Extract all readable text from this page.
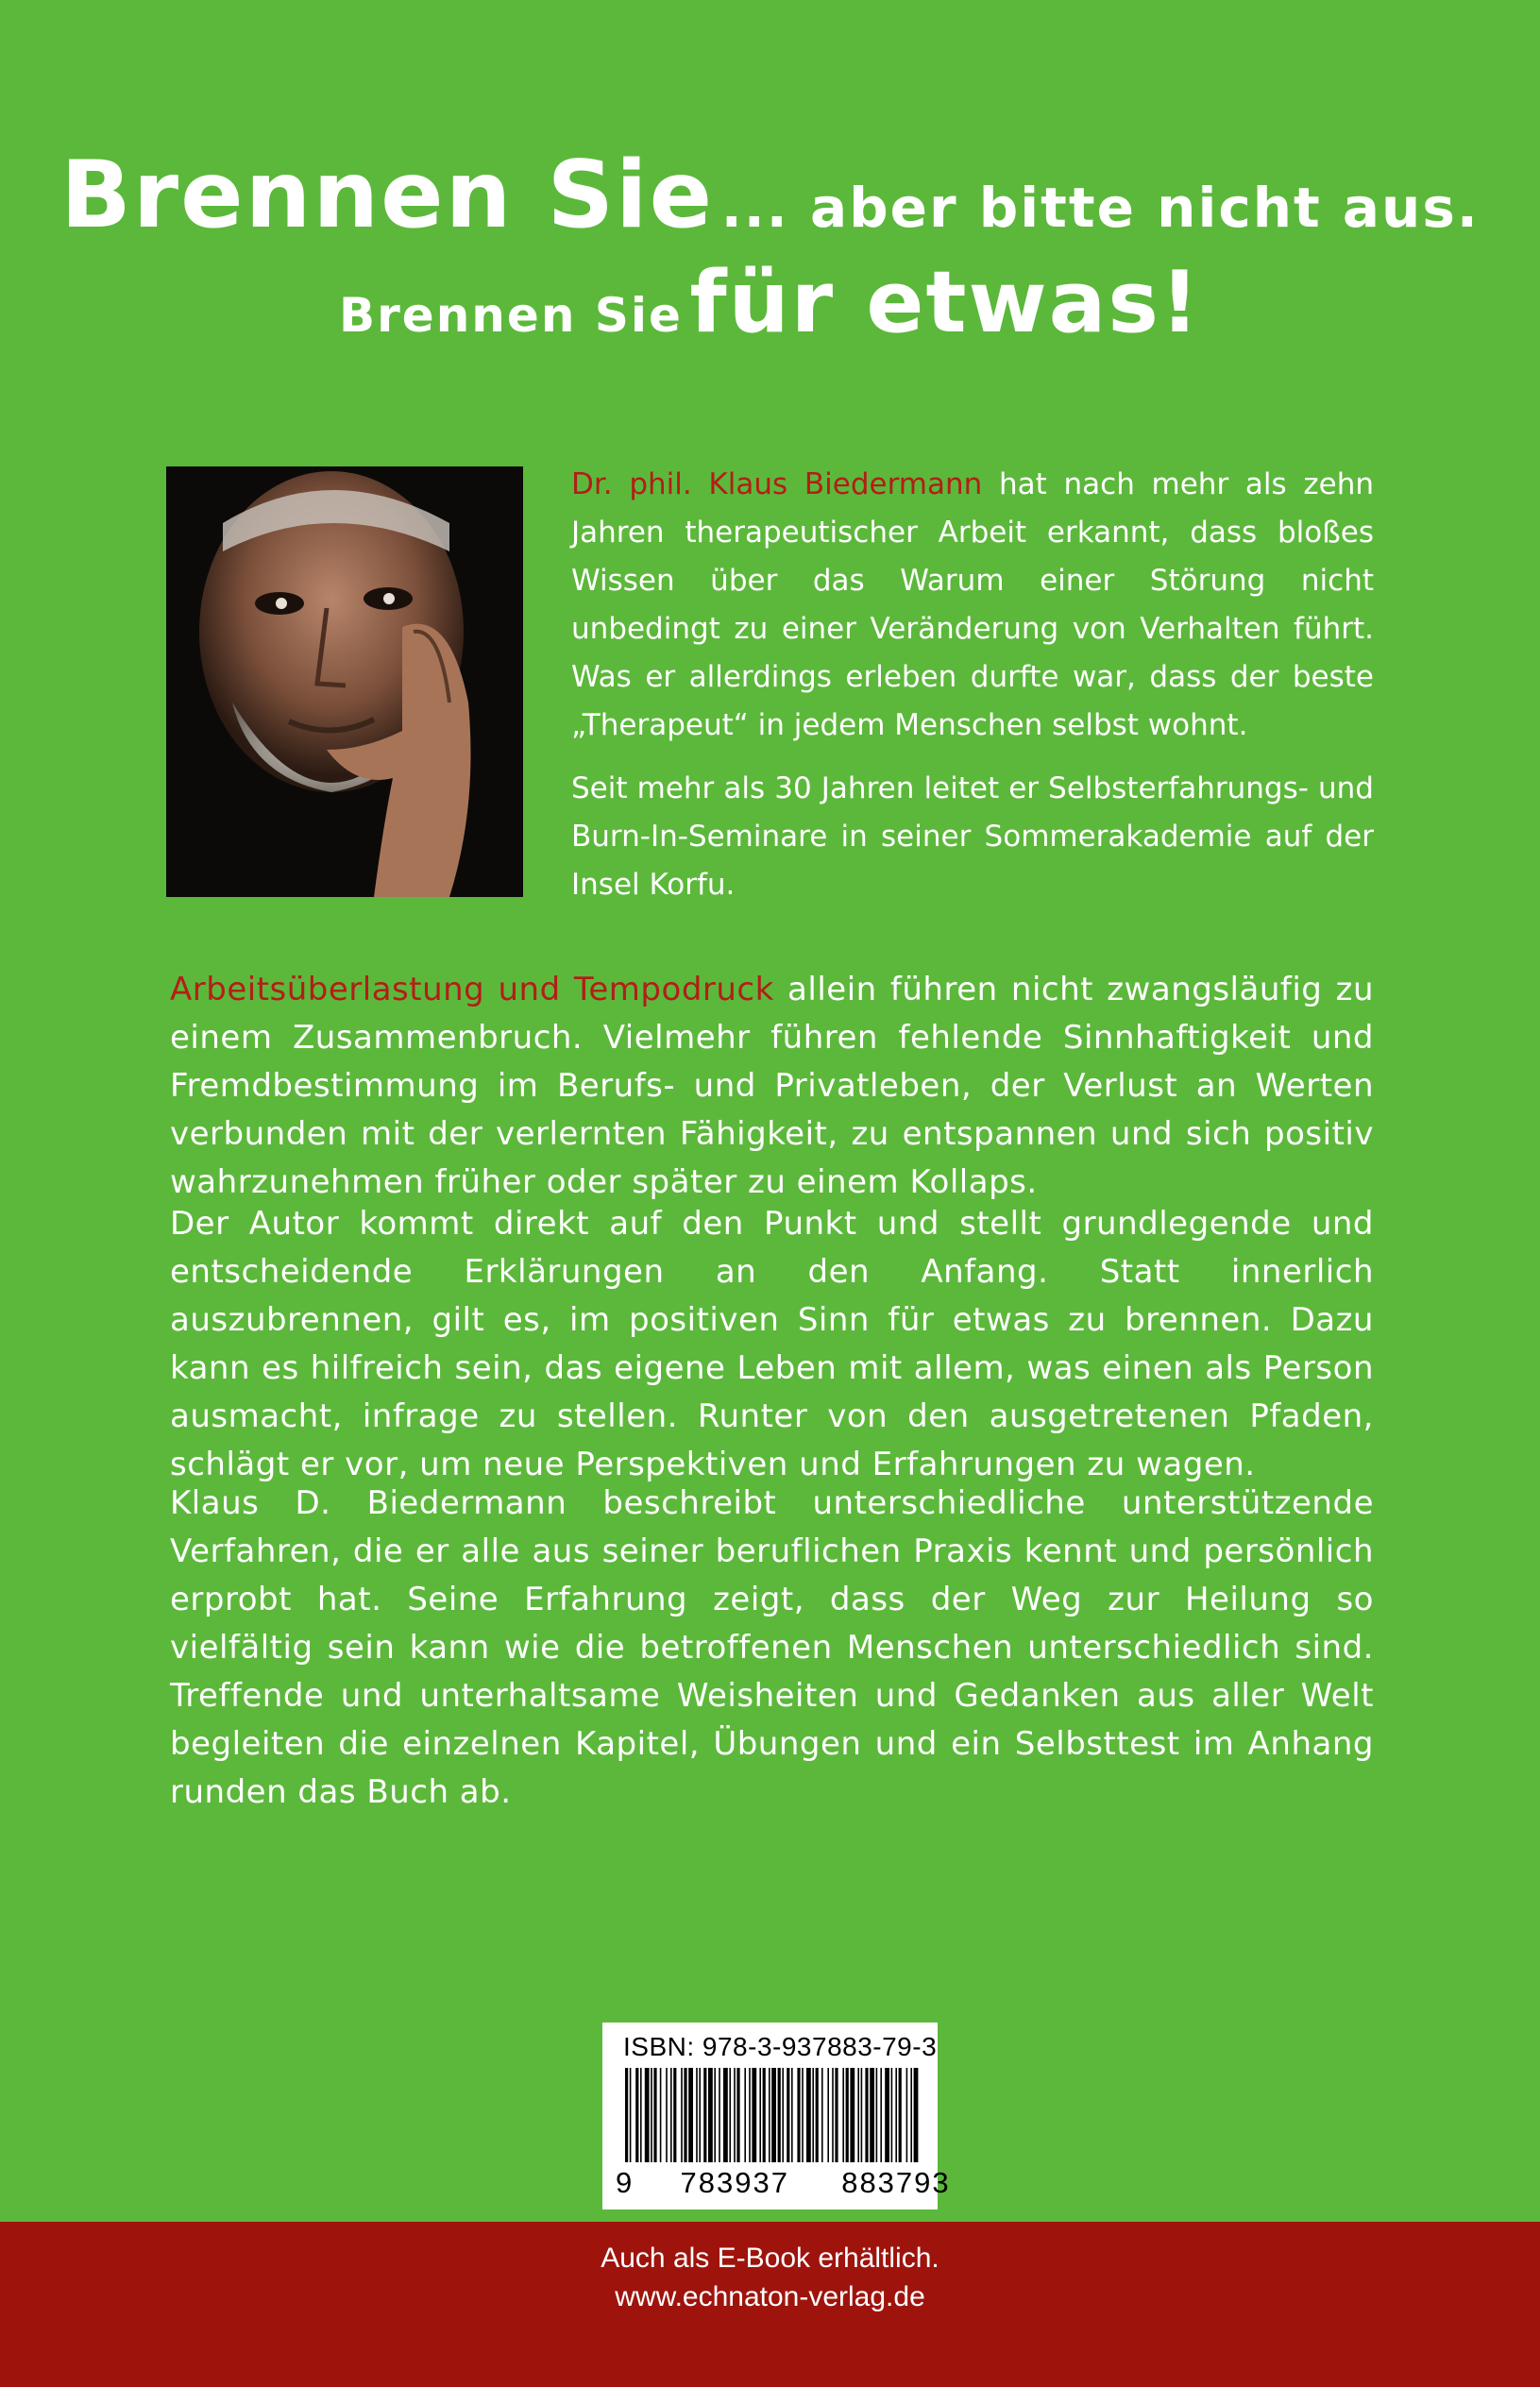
Brennen Sie ... aber bitte nicht aus.
Brennen Sie für etwas!
Dr. phil. Klaus Biedermann hat nach mehr als zehn Jahren therapeutischer Arbeit erkannt, dass bloßes Wissen über das Warum einer Störung nicht unbedingt zu einer Veränderung von Verhalten führt. Was er allerdings erleben durfte war, dass der beste „Therapeut“ in jedem Menschen selbst wohnt.
Seit mehr als 30 Jahren leitet er Selbsterfahrungs- und Burn-In-Seminare in seiner Sommerakademie auf der Insel Korfu.
Arbeitsüberlastung und Tempodruck allein führen nicht zwangsläufig zu einem Zusammenbruch. Vielmehr führen fehlende Sinnhaftigkeit und Fremdbestimmung im Berufs- und Privatleben, der Verlust an Werten verbunden mit der verlernten Fähigkeit, zu entspannen und sich positiv wahrzunehmen früher oder später zu einem Kollaps.
Der Autor kommt direkt auf den Punkt und stellt grundlegende und entscheidende Erklärungen an den Anfang. Statt innerlich auszubrennen, gilt es, im positiven Sinn für etwas zu brennen. Dazu kann es hilfreich sein, das eigene Leben mit allem, was einen als Person ausmacht, infrage zu stellen. Runter von den ausgetretenen Pfaden, schlägt er vor, um neue Perspektiven und Erfahrungen zu wagen.
Klaus D. Biedermann beschreibt unterschiedliche unterstützende Verfahren, die er alle aus seiner beruflichen Praxis kennt und persönlich erprobt hat. Seine Erfahrung zeigt, dass der Weg zur Heilung so vielfältig sein kann wie die betroffenen Menschen unterschiedlich sind. Treffende und unterhaltsame Weisheiten und Gedanken aus aller Welt begleiten die einzelnen Kapitel, Übungen und ein Selbsttest im Anhang runden das Buch ab.
ISBN: 978-3-937883-79-3
9 783937 883793
Auch als E-Book erhältlich.
www.echnaton-verlag.de
